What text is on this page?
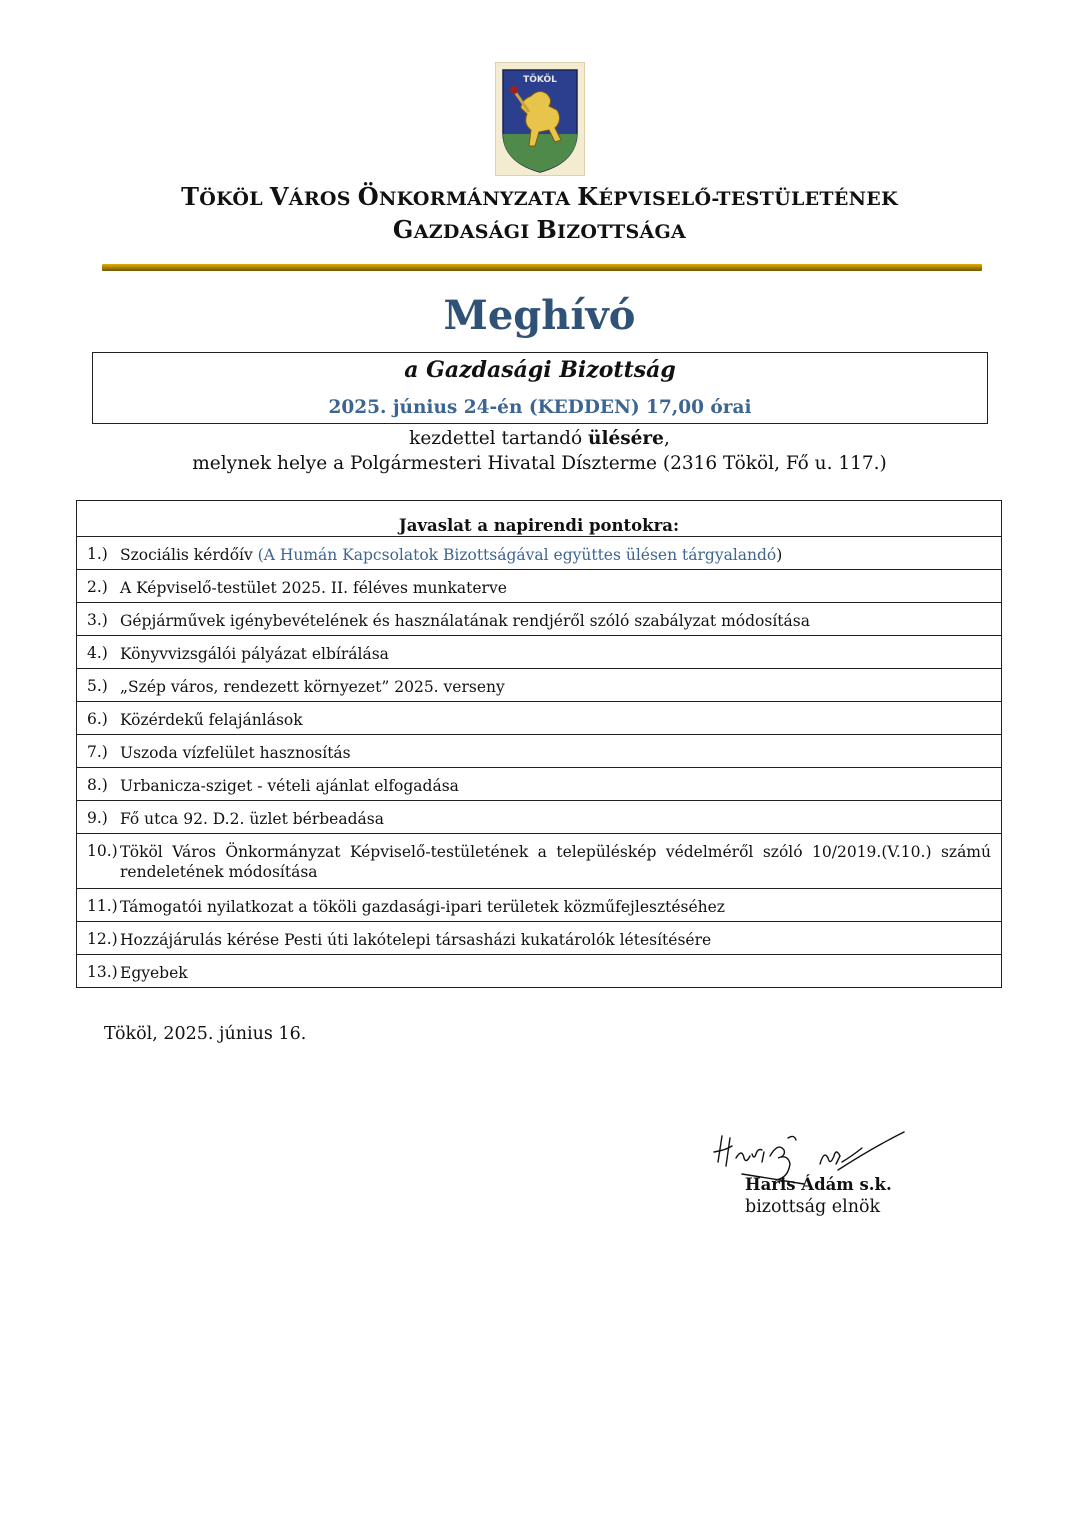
TÖKÖL
TÖKÖL VÁROS ÖNKORMÁNYZATA KÉPVISELŐ-TESTÜLETÉNEK
GAZDASÁGI BIZOTTSÁGA
Meghívó
a Gazdasági Bizottság
2025. június 24-én (KEDDEN) 17,00 órai
kezdettel tartandó ülésére,
melynek helye a Polgármesteri Hivatal Díszterme (2316 Tököl, Fő u. 117.)
Javaslat a napirendi pontokra:

1.) Szociális kérdőív (A Humán Kapcsolatok Bizottságával együttes ülésen tárgyalandó)

2.) A Képviselő-testület 2025. II. féléves munkaterve

3.) Gépjárművek igénybevételének és használatának rendjéről szóló szabályzat módosítása

4.) Könyvvizsgálói pályázat elbírálása

5.) „Szép város, rendezett környezet” 2025. verseny

6.) Közérdekű felajánlások

7.) Uszoda vízfelület hasznosítás

8.) Urbanicza-sziget - vételi ajánlat elfogadása

9.) Fő utca 92. D.2. üzlet bérbeadása

10.) Tököl Város Önkormányzat Képviselő-testületének a településkép védelméről szóló 10/2019.(V.10.) számú rendeletének módosítása

11.) Támogatói nyilatkozat a tököli gazdasági-ipari területek közműfejlesztéséhez

12.) Hozzájárulás kérése Pesti úti lakótelepi társasházi kukatárolók létesítésére

13.) Egyebek
Tököl, 2025. június 16.
Haris Ádám s.k.
bizottság elnök
